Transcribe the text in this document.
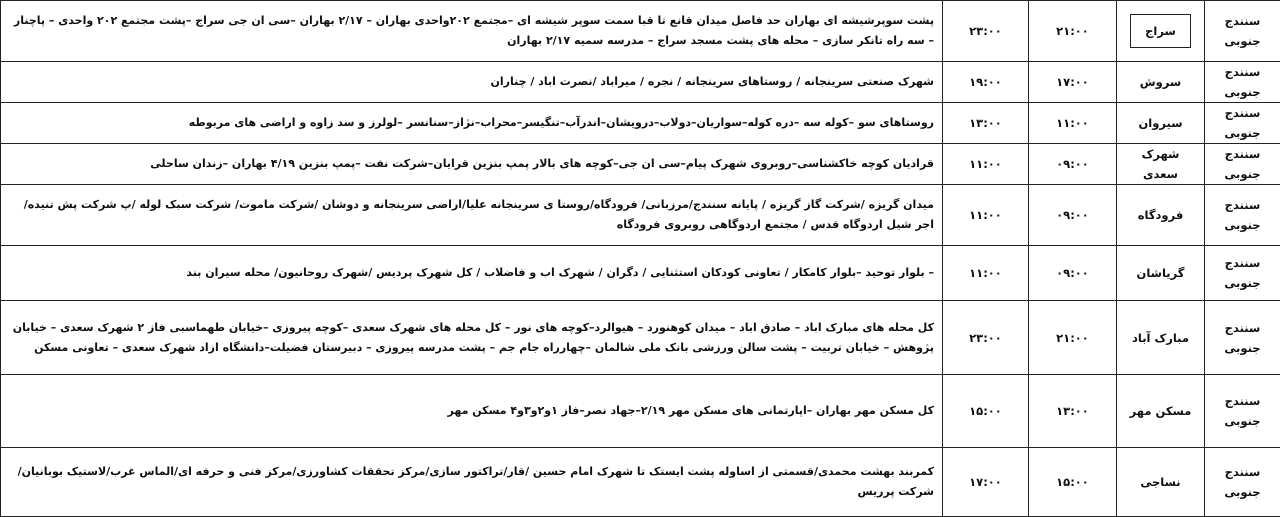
سنندج جنوبی	سراج	۲۱:۰۰	۲۳:۰۰	پشت سوپرشیشه ای بهاران حد فاصل میدان قانع تا قبا سمت سوپر شیشه ای –مجتمع ۲۰۲واحدی بهاران – ۲/۱۷ بهاران –سی ان جی سراج –پشت مجتمع ۲۰۲ واحدی – پاچنار – سه راه تانکر سازی – محله های پشت مسجد سراج – مدرسه سمیه ۲/۱۷ بهاران
سنندج جنوبی	سروش	۱۷:۰۰	۱۹:۰۰	شهرک صنعتی سرینجانه / روستاهای سرینجانه / نجره / میراباد /نصرت اباد / چناران
سنندج جنوبی	سیروان	۱۱:۰۰	۱۳:۰۰	روستاهای سو –کوله سه –دره کوله–سواریان–دولاب–درویشان–اندرآب–تنگیسر–محراب–نژاز–سنانسر –لولرز و سد زاوه و اراضی های مربوطه
سنندج جنوبی	شهرک سعدی	۰۹:۰۰	۱۱:۰۰	قرادیان کوچه خاکشناسی–روبروی شهرک پیام–سی ان جی–کوچه های بالار پمپ بنزین قرایان–شرکت نفت –پمپ بنزین ۴/۱۹ بهاران –زندان ساحلی
سنندج جنوبی	فرودگاه	۰۹:۰۰	۱۱:۰۰	میدان گریزه /شرکت گاز گریزه / پایانه سنندج/مرزبانی/ فرودگاه/روستا ی سرینجانه علیا/اراضی سرینجانه و دوشان /شرکت ماموت/ شرکت سبک لوله /پ شرکت پش تنیده/اجر شیل اردوگاه قدس / مجتمع اردوگاهی روبروی فرودگاه
سنندج جنوبی	گریاشان	۰۹:۰۰	۱۱:۰۰	– بلوار توحید –بلوار کامکار / تعاونی کودکان استثنایی / دگران / شهرک اب و فاضلاب / کل شهرک پردیس /شهرک روحانیون/ محله سیران بند
سنندج جنوبی	مبارک آباد	۲۱:۰۰	۲۳:۰۰	کل محله های مبارک اباد – صادق اباد – میدان کوهنورد – هیوالرد–کوچه های نور – کل محله های شهرک سعدی –کوچه پیروزی –خیابان طهماسبی فاز ۲ شهرک سعدی – خیابان پژوهش – خیابان تربیت – پشت سالن ورزشی بانک ملی شالمان –چهارراه جام جم – پشت مدرسه پیروزی – دبیرستان فضیلت–دانشگاه ازاد شهرک سعدی – تعاونی مسکن
سنندج جنوبی	مسکن مهر	۱۳:۰۰	۱۵:۰۰	کل مسکن مهر بهاران –اپارتمانی های مسکن مهر ۲/۱۹–جهاد نصر–فاز ۱و۲و۳و۴ مسکن مهر
سنندج جنوبی	نساجی	۱۵:۰۰	۱۷:۰۰	کمربند بهشت محمدی/قسمتی از اساوله پشت ایستک تا شهرک امام حسین /قار/تراکتور سازی/مرکز تحققات کشاورزی/مرکز فنی و حرفه ای/الماس غرب/لاستیک بوبانیان/شرکت پرریس
